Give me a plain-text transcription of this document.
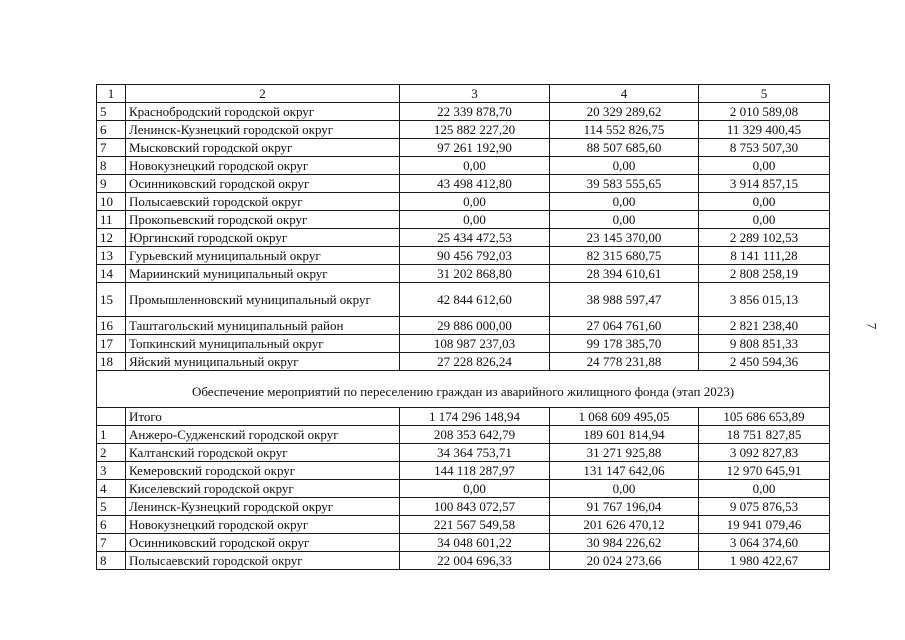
1	2	3	4	5
5	Краснобродский городской округ	22 339 878,70	20 329 289,62	2 010 589,08
6	Ленинск-Кузнецкий городской округ	125 882 227,20	114 552 826,75	11 329 400,45
7	Мысковский городской округ	97 261 192,90	88 507 685,60	8 753 507,30
8	Новокузнецкий городской округ	0,00	0,00	0,00
9	Осинниковский городской округ	43 498 412,80	39 583 555,65	3 914 857,15
10	Полысаевский городской округ	0,00	0,00	0,00
11	Прокопьевский городской округ	0,00	0,00	0,00
12	Юргинский городской округ	25 434 472,53	23 145 370,00	2 289 102,53
13	Гурьевский муниципальный округ	90 456 792,03	82 315 680,75	8 141 111,28
14	Мариинский муниципальный округ	31 202 868,80	28 394 610,61	2 808 258,19
15	Промышленновский муниципальный округ	42 844 612,60	38 988 597,47	3 856 015,13
16	Таштагольский муниципальный район	29 886 000,00	27 064 761,60	2 821 238,40
17	Топкинский муниципальный округ	108 987 237,03	99 178 385,70	9 808 851,33
18	Яйский муниципальный округ	27 228 826,24	24 778 231,88	2 450 594,36
Обеспечение мероприятий по переселению граждан из аварийного жилищного фонда (этап 2023)				
	Итого	1 174 296 148,94	1 068 609 495,05	105 686 653,89
1	Анжеро-Судженский городской округ	208 353 642,79	189 601 814,94	18 751 827,85
2	Калтанский городской округ	34 364 753,71	31 271 925,88	3 092 827,83
3	Кемеровский городской округ	144 118 287,97	131 147 642,06	12 970 645,91
4	Киселевский городской округ	0,00	0,00	0,00
5	Ленинск-Кузнецкий городской округ	100 843 072,57	91 767 196,04	9 075 876,53
6	Новокузнецкий городской округ	221 567 549,58	201 626 470,12	19 941 079,46
7	Осинниковский городской округ	34 048 601,22	30 984 226,62	3 064 374,60
8	Полысаевский городской округ	22 004 696,33	20 024 273,66	1 980 422,67
7
